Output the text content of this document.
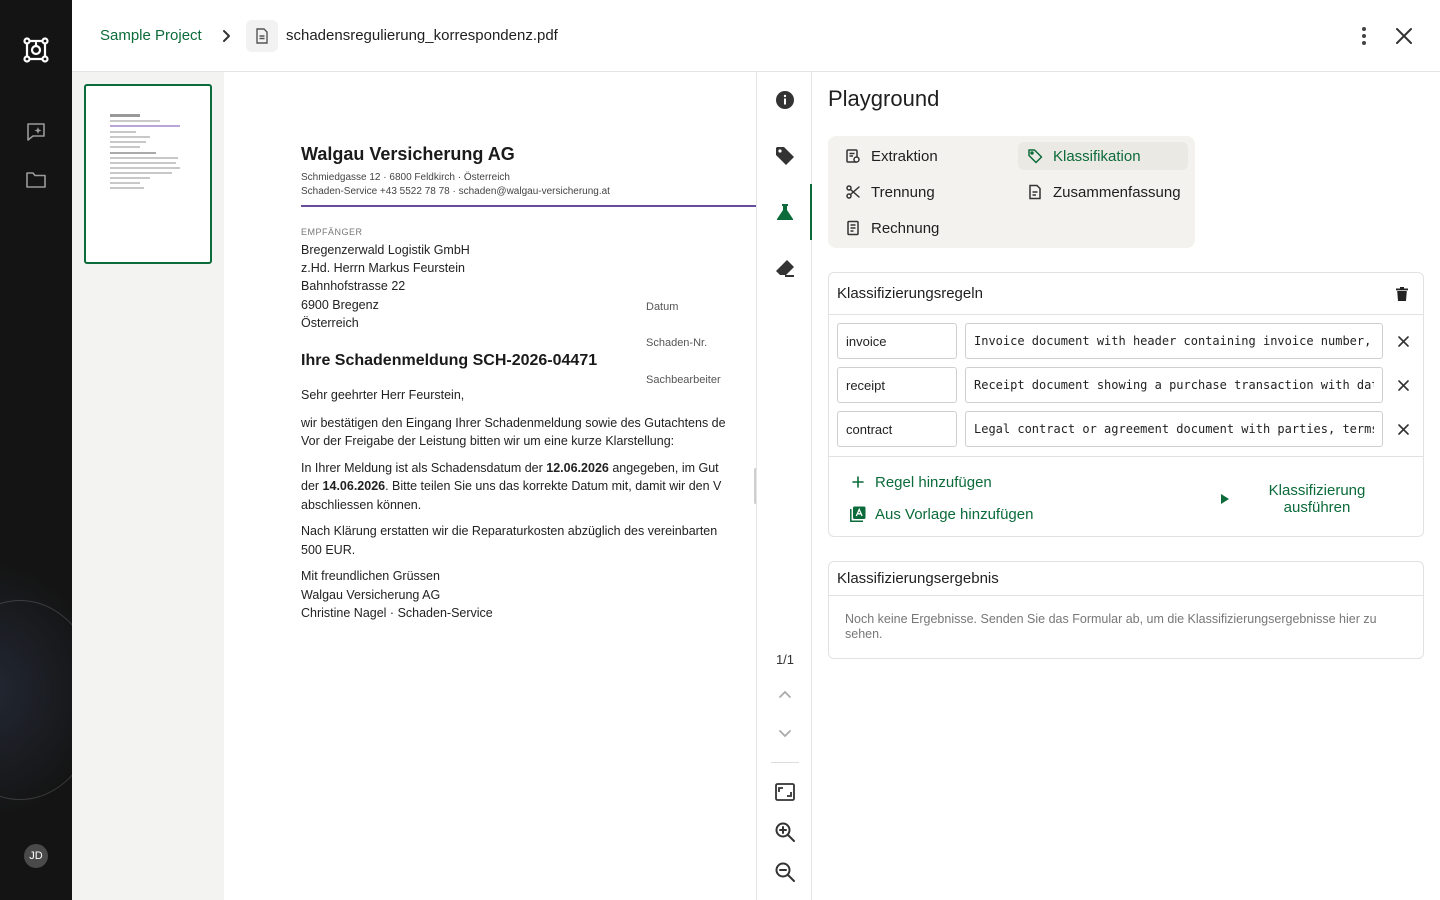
JD
Sample Project	schadensregulierung_korrespondenz.pdf
Walgau Versicherung AG
Schmiedgasse 12 · 6800 Feldkirch · Österreich
Schaden-Service +43 5522 78 78 · schaden@walgau-versicherung.at
EMPFÄNGER
Bregenzerwald Logistik GmbH
z.Hd. Herrn Markus Feurstein
Bahnhofstrasse 22
6900 Bregenz
Österreich
Datum
Schaden-Nr.
Sachbearbeiter
Ihre Schadenmeldung SCH-2026-04471

Sehr geehrter Herr Feurstein,

wir bestätigen den Eingang Ihrer Schadenmeldung sowie des Gutachtens de
Vor der Freigabe der Leistung bitten wir um eine kurze Klarstellung:

In Ihrer Meldung ist als Schadensdatum der 12.06.2026 angegeben, im Gut
der 14.06.2026. Bitte teilen Sie uns das korrekte Datum mit, damit wir den V
abschliessen können.

Nach Klärung erstatten wir die Reparaturkosten abzüglich des vereinbarten
500 EUR.

Mit freundlichen Grüssen
Walgau Versicherung AG
Christine Nagel · Schaden-Service

1/1
Playground
Extraktion	Klassifikation
Trennung	Zusammenfassung
Rechnung
Klassifizierungsregeln
invoice
Invoice document with header containing invoice number, date, an
receipt
Receipt document showing a purchase transaction with date, item
contract
Legal contract or agreement document with parties, terms, and si
Regel hinzufügen
Aus Vorlage hinzufügen
Klassifizierung ausführen
Klassifizierungsergebnis
Noch keine Ergebnisse. Senden Sie das Formular ab, um die Klassifizierungsergebnisse hier zu sehen.
